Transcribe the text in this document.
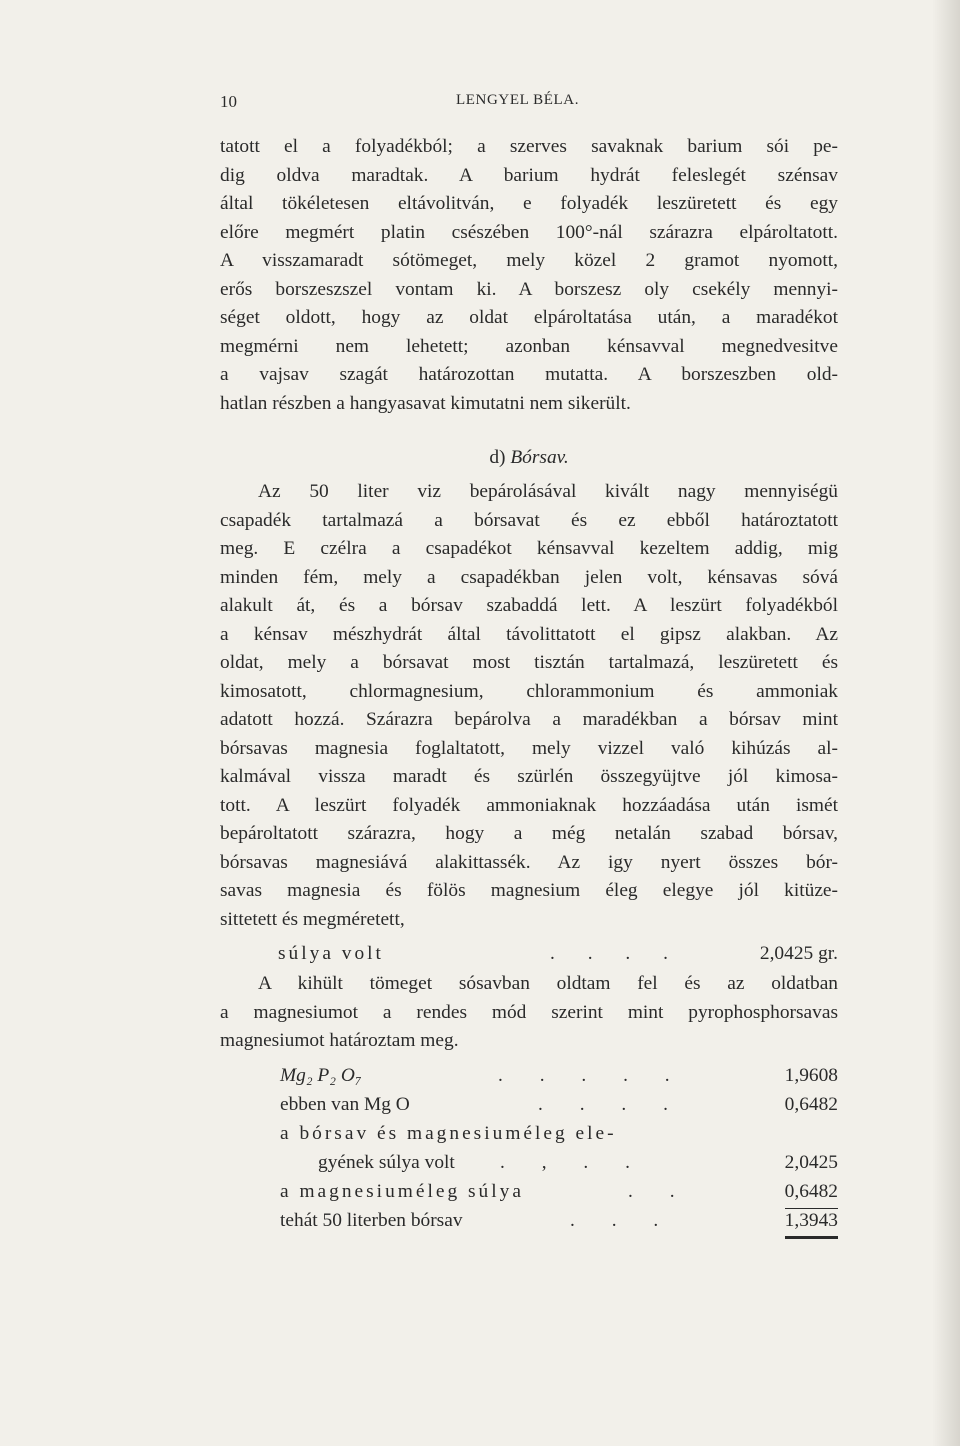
10	LENGYEL BÉLA.

tatott el a folyadékból; a szerves savaknak barium sói pe-

dig oldva maradtak. A barium hydrát feleslegét szénsav

által tökéletesen eltávolitván, e folyadék leszüretett és egy

előre megmért platin csészében 100°-nál szárazra elpároltatott.

A visszamaradt sótömeget, mely közel 2 gramot nyomott,

erős borszeszszel vontam ki. A borszesz oly csekély mennyi-

séget oldott, hogy az oldat elpároltatása után, a maradékot

megmérni nem lehetett; azonban kénsavval megnedvesitve

a vajsav szagát határozottan mutatta. A borszeszben old-

hatlan részben a hangyasavat kimutatni nem sikerült.

d) Bórsav.

Az 50 liter viz bepárolásával kivált nagy mennyiségü

csapadék tartalmazá a bórsavat és ez ebből határoztatott

meg. E czélra a csapadékot kénsavval kezeltem addig, mig

minden fém, mely a csapadékban jelen volt, kénsavas sóvá

alakult át, és a bórsav szabaddá lett. A leszürt folyadékból

a kénsav mészhydrát által távolittatott el gipsz alakban. Az

oldat, mely a bórsavat most tisztán tartalmazá, leszüretett és

kimosatott, chlormagnesium, chlorammonium és ammoniak

adatott hozzá. Szárazra bepárolva a maradékban a bórsav mint

bórsavas magnesia foglaltatott, mely vizzel való kihúzás al-

kalmával vissza maradt és szürlén összegyüjtve jól kimosa-

tott. A leszürt folyadék ammoniaknak hozzáadása után ismét

bepároltatott szárazra, hogy a még netalán szabad bórsav,

bórsavas magnesiává alakittassék. Az igy nyert összes bór-

savas magnesia és fölös magnesium éleg elegye jól kitüze-

sittetett és megméretett,

súlya volt	. . . .	2,0425 gr.

A kihült tömeget sósavban oldtam fel és az oldatban

a magnesiumot a rendes mód szerint mint pyrophosphorsavas

magnesiumot határoztam meg.

Mg₂ P₂ O₇	. . . . .	1,9608
ebben van Mg O	. . . .	0,6482
a bórsav és magnesiuméleg ele-
gyének súlya volt . , . .	2,0425
a magnesiuméleg súlya	. .	0,6482
tehát 50 literben bórsav	. . .	1,3943
